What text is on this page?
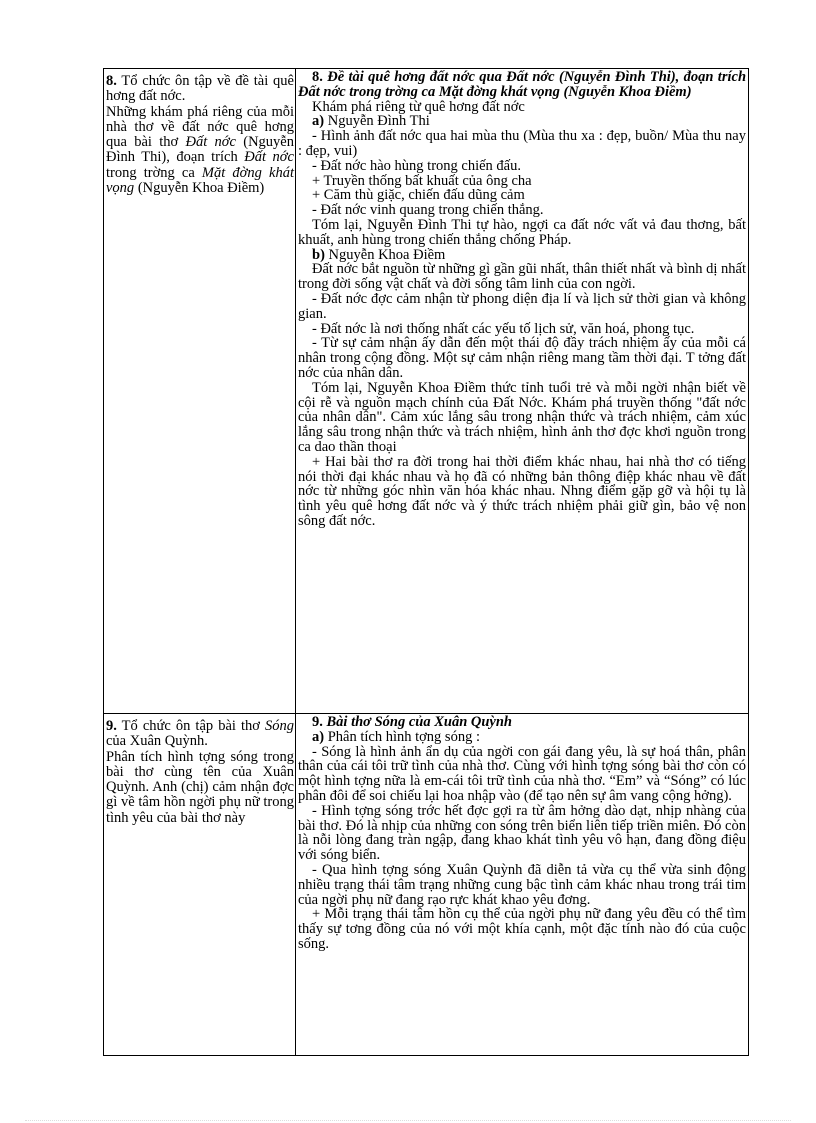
8. Tổ chức ôn tập về đề tài quê hơng đất nớc.

Những khám phá riêng của mỗi nhà thơ về đất nớc quê hơng qua bài thơ Đất nớc (Nguyễn Đình Thi), đoạn trích Đất nớc trong trờng ca Mặt đờng khát vọng (Nguyễn Khoa Điềm)

8. Đề tài quê hơng đất nớc qua Đất nớc (Nguyễn Đình Thi), đoạn trích Đất nớc trong trờng ca Mặt đờng khát vọng (Nguyễn Khoa Điềm)

Khám phá riêng từ quê hơng đất nớc

a) Nguyễn Đình Thi

- Hình ảnh đất nớc qua hai mùa thu (Mùa thu xa : đẹp, buồn/ Mùa thu nay : đẹp, vui)

- Đất nớc hào hùng trong chiến đấu.

+ Truyền thống bất khuất của ông cha

+ Căm thù giặc, chiến đấu dũng cảm

- Đất nớc vinh quang trong chiến thắng.

Tóm lại, Nguyễn Đình Thi tự hào, ngợi ca đất nớc vất vả đau thơng, bất khuất, anh hùng trong chiến thắng chống Pháp.

b) Nguyễn Khoa Điềm

Đất nớc bắt nguồn từ những gì gần gũi nhất, thân thiết nhất và bình dị nhất trong đời sống vật chất và đời sống tâm linh của con ngời.

- Đất nớc đợc cảm nhận từ phong diện địa lí và lịch sử thời gian và không gian.

- Đất nớc là nơi thống nhất các yếu tố lịch sử, văn hoá, phong tục.

- Từ sự cảm nhận ấy dẫn đến một thái độ đầy trách nhiệm ấy của mỗi cá nhân trong cộng đồng. Một sự cảm nhận riêng mang tầm thời đại. T tởng đất nớc của nhân dân.

Tóm lại, Nguyễn Khoa Điềm thức tỉnh tuổi trẻ và mỗi ngời nhận biết về cội rễ và nguồn mạch chính của Đất Nớc. Khám phá truyền thống "đất nớc của nhân dân". Cảm xúc lắng sâu trong nhận thức và trách nhiệm, cảm xúc lắng sâu trong nhận thức và trách nhiệm, hình ảnh thơ đợc khơi nguồn trong ca dao thần thoại

+ Hai bài thơ ra đời trong hai thời điểm khác nhau, hai nhà thơ có tiếng nói thời đại khác nhau và họ đã có những bản thông điệp khác nhau về đất nớc từ những góc nhìn văn hóa khác nhau. Nhng điểm gặp gỡ và hội tụ là tình yêu quê hơng đất nớc và ý thức trách nhiệm phải giữ gìn, bảo vệ non sông đất nớc.

9. Tổ chức ôn tập bài thơ Sóng của Xuân Quỳnh.

Phân tích hình tợng sóng trong bài thơ cùng tên của Xuân Quỳnh. Anh (chị) cảm nhận đợc gì về tâm hồn ngời phụ nữ trong tình yêu của bài thơ này

9. Bài thơ Sóng của Xuân Quỳnh

a) Phân tích hình tợng sóng :

- Sóng là hình ảnh ẩn dụ của ngời con gái đang yêu, là sự hoá thân, phân thân của cái tôi trữ tình của nhà thơ. Cùng với hình tợng sóng bài thơ còn có một hình tợng nữa là em-cái tôi trữ tình của nhà thơ. “Em” và “Sóng” có lúc phân đôi để soi chiếu lại hoa nhập vào (để tạo nên sự âm vang cộng hởng).

- Hình tợng sóng trớc hết đợc gợi ra từ âm hởng dào dạt, nhịp nhàng của bài thơ. Đó là nhịp của những con sóng trên biển liên tiếp triền miên. Đó còn là nỗi lòng đang tràn ngập, đang khao khát tình yêu vô hạn, đang đồng điệu với sóng biển.

- Qua hình tợng sóng Xuân Quỳnh đã diễn tả vừa cụ thể vừa sinh động nhiều trạng thái tâm trạng những cung bậc tình cảm khác nhau trong trái tim của ngời phụ nữ đang rạo rực khát khao yêu đơng.

+ Mỗi trạng thái tâm hồn cụ thể của ngời phụ nữ đang yêu đều có thể tìm thấy sự tơng đồng của nó với một khía cạnh, một đặc tính nào đó của cuộc sống.
